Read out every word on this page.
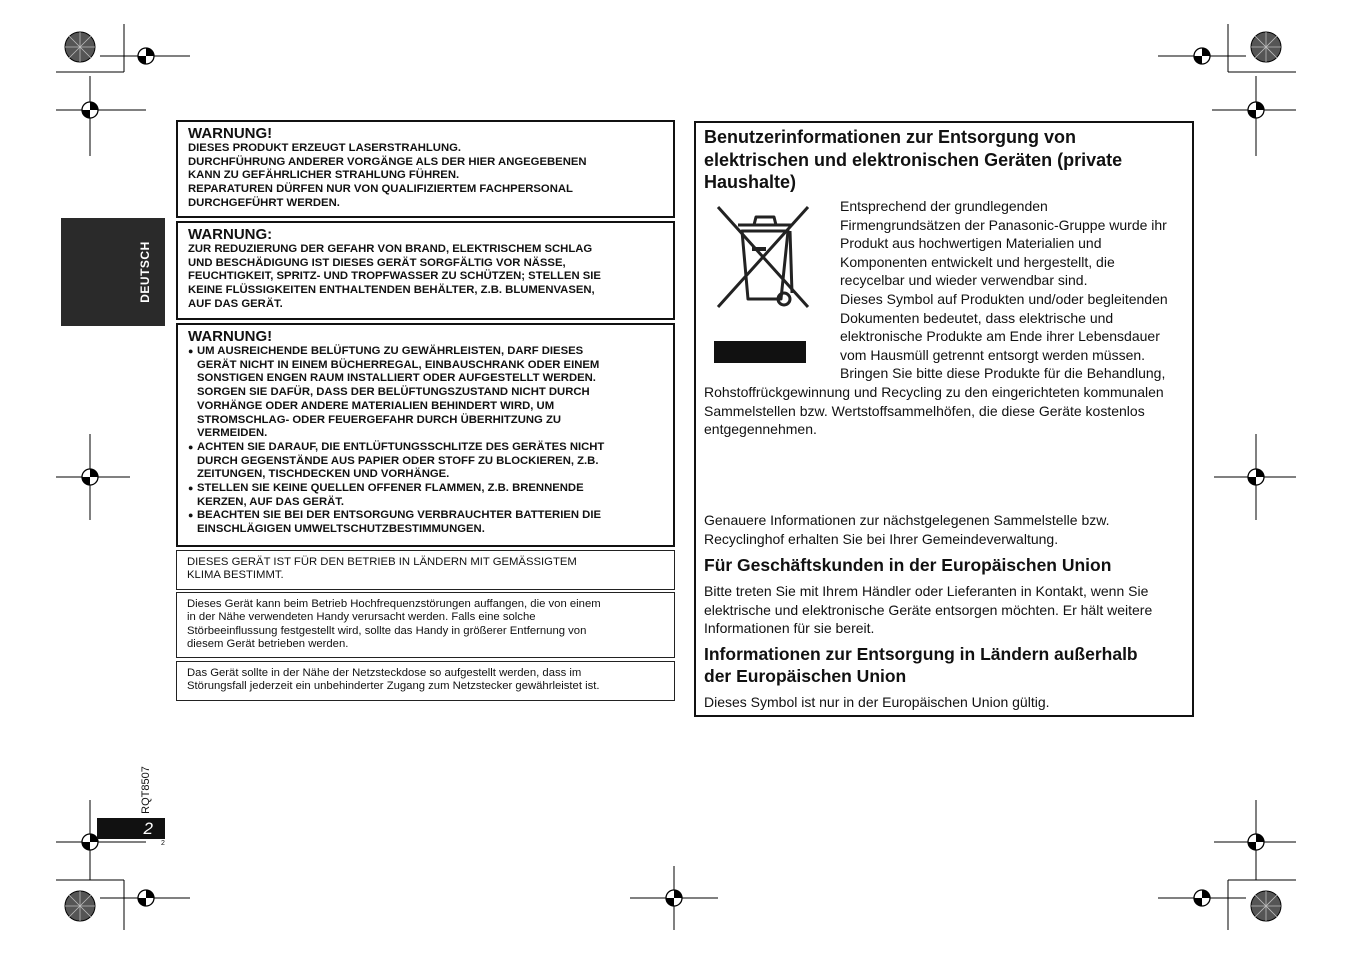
DEUTSCH

WARNUNG!

DIESES PRODUKT ERZEUGT LASERSTRAHLUNG.

DURCHFÜHRUNG ANDERER VORGÄNGE ALS DER HIER ANGEGEBENEN

KANN ZU GEFÄHRLICHER STRAHLUNG FÜHREN.

REPARATUREN DÜRFEN NUR VON QUALIFIZIERTEM FACHPERSONAL

DURCHGEFÜHRT WERDEN.

WARNUNG:

ZUR REDUZIERUNG DER GEFAHR VON BRAND, ELEKTRISCHEM SCHLAG

UND BESCHÄDIGUNG IST DIESES GERÄT SORGFÄLTIG VOR NÄSSE,

FEUCHTIGKEIT, SPRITZ- UND TROPFWASSER ZU SCHÜTZEN; STELLEN SIE

KEINE FLÜSSIGKEITEN ENTHALTENDEN BEHÄLTER, Z.B. BLUMENVASEN,

AUF DAS GERÄT.

WARNUNG!

● UM AUSREICHENDE BELÜFTUNG ZU GEWÄHRLEISTEN, DARF DIESES
GERÄT NICHT IN EINEM BÜCHERREGAL, EINBAUSCHRANK ODER EINEM
SONSTIGEN ENGEN RAUM INSTALLIERT ODER AUFGESTELLT WERDEN.
SORGEN SIE DAFÜR, DASS DER BELÜFTUNGSZUSTAND NICHT DURCH
VORHÄNGE ODER ANDERE MATERIALIEN BEHINDERT WIRD, UM
STROMSCHLAG- ODER FEUERGEFAHR DURCH ÜBERHITZUNG ZU
VERMEIDEN.
● ACHTEN SIE DARAUF, DIE ENTLÜFTUNGSSCHLITZE DES GERÄTES NICHT
DURCH GEGENSTÄNDE AUS PAPIER ODER STOFF ZU BLOCKIEREN, Z.B.
ZEITUNGEN, TISCHDECKEN UND VORHÄNGE.
● STELLEN SIE KEINE QUELLEN OFFENER FLAMMEN, Z.B. BRENNENDE
KERZEN, AUF DAS GERÄT.
● BEACHTEN SIE BEI DER ENTSORGUNG VERBRAUCHTER BATTERIEN DIE
EINSCHLÄGIGEN UMWELTSCHUTZBESTIMMUNGEN.

DIESES GERÄT IST FÜR DEN BETRIEB IN LÄNDERN MIT GEMÄSSIGTEM

KLIMA BESTIMMT.

Dieses Gerät kann beim Betrieb Hochfrequenzstörungen auffangen, die von einem

in der Nähe verwendeten Handy verursacht werden. Falls eine solche

Störbeeinflussung festgestellt wird, sollte das Handy in größerer Entfernung von

diesem Gerät betrieben werden.

Das Gerät sollte in der Nähe der Netzsteckdose so aufgestellt werden, dass im

Störungsfall jederzeit ein unbehinderter Zugang zum Netzstecker gewährleistet ist.

Benutzerinformationen zur Entsorgung von

elektrischen und elektronischen Geräten (private

Haushalte)

Entsprechend der grundlegenden

Firmengrundsätzen der Panasonic-Gruppe wurde ihr

Produkt aus hochwertigen Materialien und

Komponenten entwickelt und hergestellt, die

recycelbar und wieder verwendbar sind.

Dieses Symbol auf Produkten und/oder begleitenden

Dokumenten bedeutet, dass elektrische und

elektronische Produkte am Ende ihrer Lebensdauer

vom Hausmüll getrennt entsorgt werden müssen.

Bringen Sie bitte diese Produkte für die Behandlung,

Rohstoffrückgewinnung und Recycling zu den eingerichteten kommunalen

Sammelstellen bzw. Wertstoffsammelhöfen, die diese Geräte kostenlos

entgegennehmen.

Genauere Informationen zur nächstgelegenen Sammelstelle bzw.

Recyclinghof erhalten Sie bei Ihrer Gemeindeverwaltung.

Für Geschäftskunden in der Europäischen Union

Bitte treten Sie mit Ihrem Händler oder Lieferanten in Kontakt, wenn Sie

elektrische und elektronische Geräte entsorgen möchten. Er hält weitere

Informationen für sie bereit.

Informationen zur Entsorgung in Ländern außerhalb

der Europäischen Union

Dieses Symbol ist nur in der Europäischen Union gültig.

RQT8507
2
2
